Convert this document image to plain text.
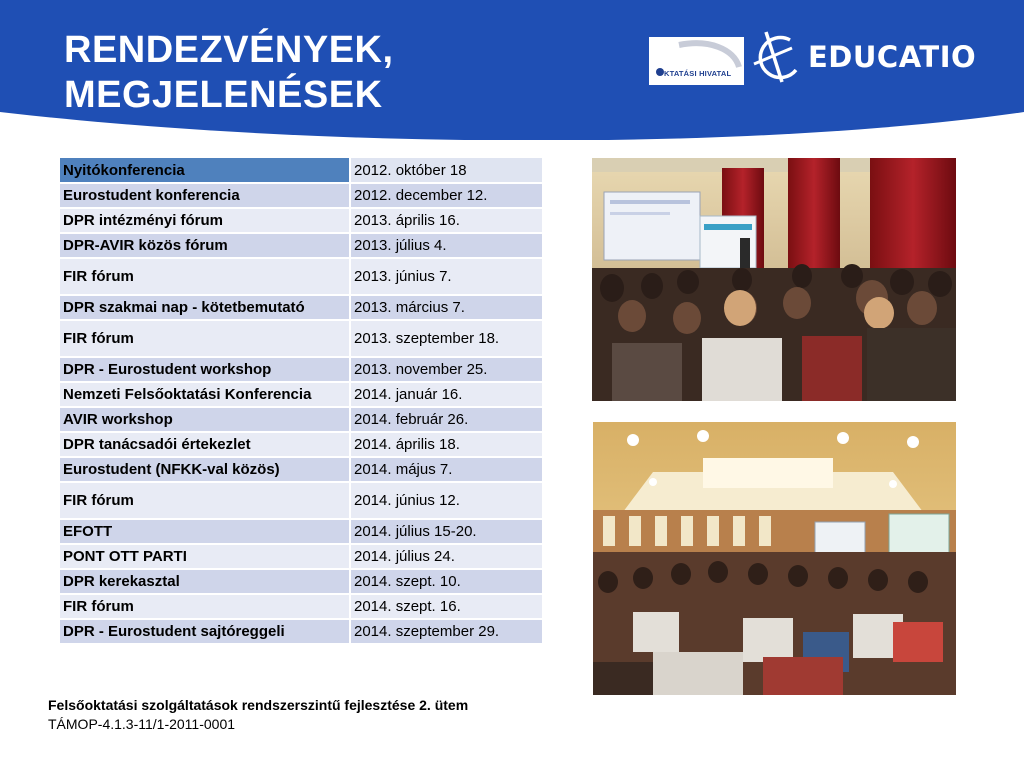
RENDEZVÉNYEK,
MEGJELENÉSEK
KTATÁSI HIVATAL	EDUCATIO
Nyitókonferencia	2012. október 18
Eurostudent konferencia	2012. december 12.
DPR intézményi fórum	2013. április 16.
DPR-AVIR közös fórum	2013. július 4.
FIR fórum	2013. június 7.
DPR szakmai nap - kötetbemutató	2013. március 7.
FIR fórum	2013. szeptember 18.
DPR - Eurostudent workshop	2013. november 25.
Nemzeti Felsőoktatási Konferencia	2014. január 16.
AVIR workshop	2014. február 26.
DPR tanácsadói értekezlet	2014. április 18.
Eurostudent (NFKK-val közös)	2014. május 7.
FIR fórum	2014. június 12.
EFOTT	2014. július 15-20.
PONT OTT PARTI	2014. július 24.
DPR kerekasztal	2014. szept. 10.
FIR fórum	2014. szept. 16.
DPR - Eurostudent sajtóreggeli	2014. szeptember 29.
Felsőoktatási szolgáltatások rendszerszintű fejlesztése 2. ütem
TÁMOP-4.1.3-11/1-2011-0001
